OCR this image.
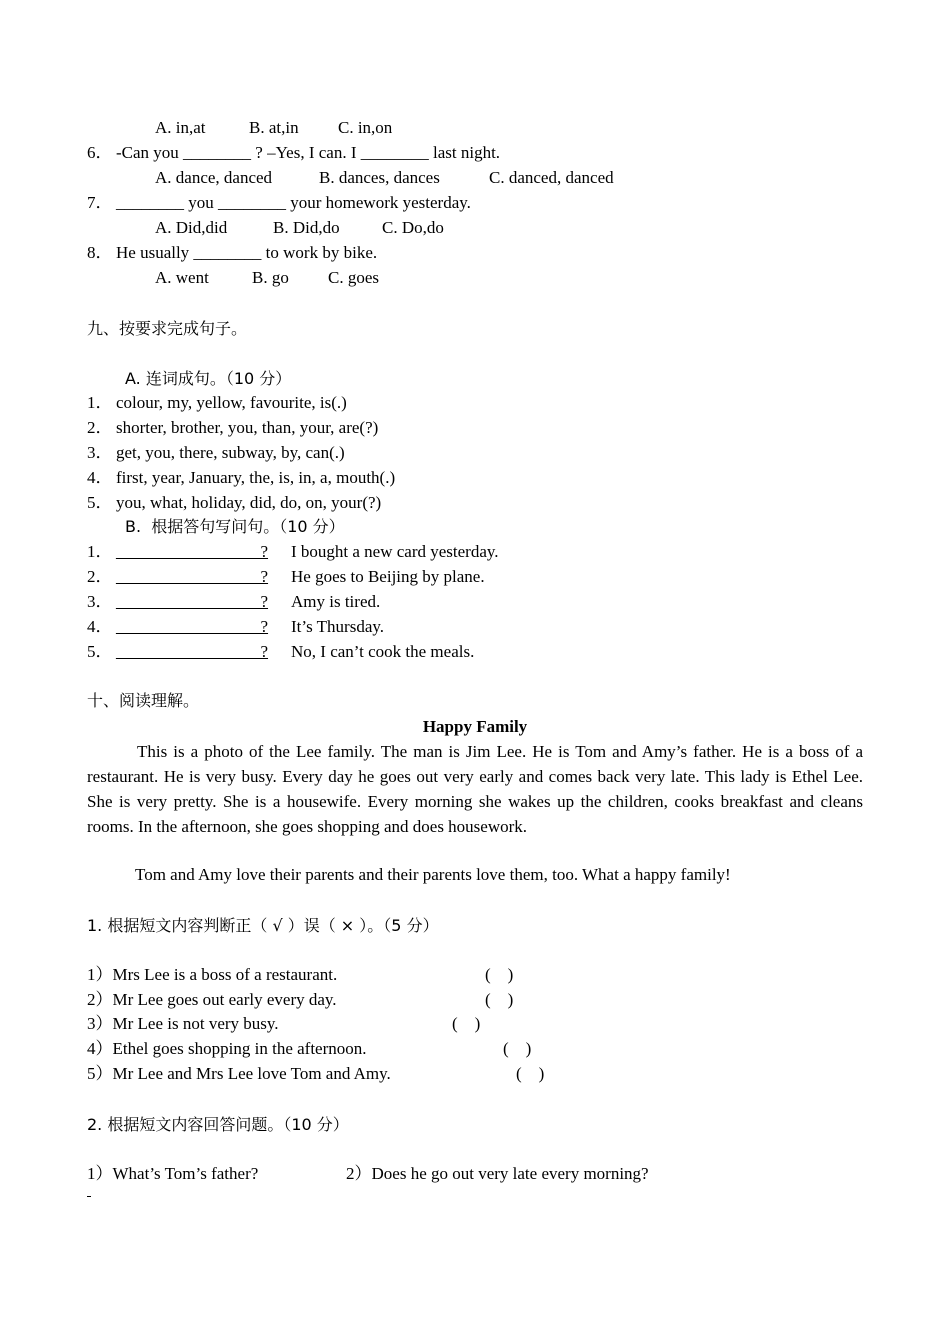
A. in,at	B. at,in C. in,on
6． -Can you ________ ? –Yes, I can. I ________ last night.
A. dance, danced	B. dances, dances	C. danced, danced
7． ________ you ________ your homework yesterday.
A. Did,did	B. Did,do C. Do,do
8． He usually ________ to work by bike.
A. went	B. go C. goes
九、按要求完成句子。
A. 连词成句。（10 分）
1． colour, my, yellow, favourite, is(.)
2． shorter, brother, you, than, your, are(?)
3． get, you, there, subway, by, can(.)
4． first, year, January, the, is, in, a, mouth(.)
5． you, what, holiday, did, do, on, your(?)
B.  根据答句写问句。（10 分）
1． _________________? I bought a new card yesterday.
2． _________________? He goes to Beijing by plane.
3． _________________? Amy is tired.
4． _________________? It’s Thursday.
5． _________________? No, I can’t cook the meals.
十、阅读理解。
Happy Family

This is a photo of the Lee family. The man is Jim Lee. He is Tom and Amy’s father. He is a boss of a restaurant. He is very busy. Every day he goes out very early and comes back very late. This lady is Ethel Lee. She is very pretty. She is a housewife. Every morning she wakes up the children, cooks breakfast and cleans rooms. In the afternoon, she goes shopping and does housework.

Tom and Amy love their parents and their parents love them, too. What a happy family!
1. 根据短文内容判断正（ √ ）误（ × ）。（5 分）
1）Mrs Lee is a boss of a restaurant.	(    )
2）Mr Lee goes out early every day.	(    )
3）Mr Lee is not very busy.	(    )
4）Ethel goes shopping in the afternoon.	(    )
5）Mr Lee and Mrs Lee love Tom and Amy.	(    )
2. 根据短文内容回答问题。（10 分）
1）What’s Tom’s father?	2）Does he go out very late every morning?
